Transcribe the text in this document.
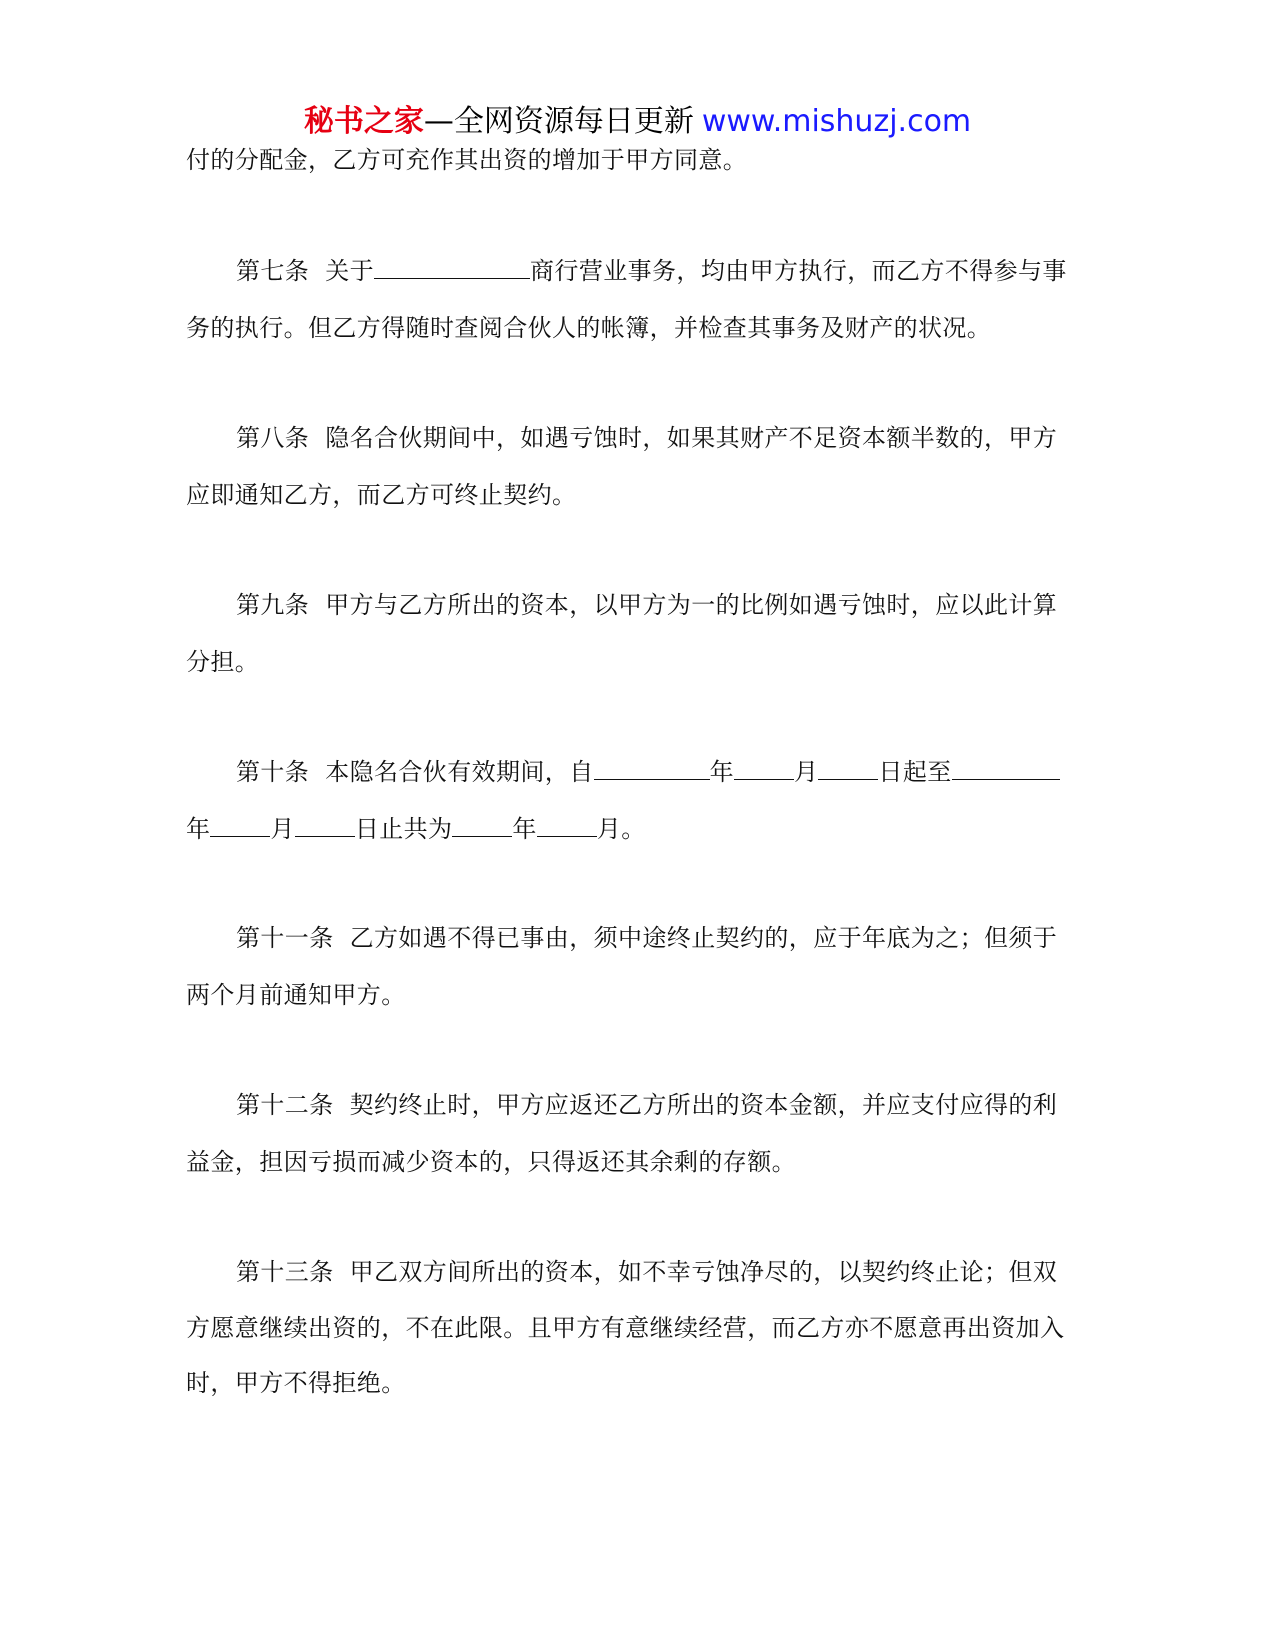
秘书之家—全网资源每日更新 www.mishuzj.com
付的分配金，乙方可充作其出资的增加于甲方同意。
第七条 关于	商行营业事务，均由甲方执行，而乙方不得参与事
务的执行。但乙方得随时查阅合伙人的帐簿，并检查其事务及财产的状况。
第八条 隐名合伙期间中，如遇亏蚀时，如果其财产不足资本额半数的，甲方
应即通知乙方，而乙方可终止契约。
第九条 甲方与乙方所出的资本，以甲方为一的比例如遇亏蚀时，应以此计算
分担。
第十条 本隐名合伙有效期间，自	年	月	日起至
年	月	日止共为	年	月。
第十一条 乙方如遇不得已事由，须中途终止契约的，应于年底为之；但须于
两个月前通知甲方。
第十二条 契约终止时，甲方应返还乙方所出的资本金额，并应支付应得的利
益金，担因亏损而减少资本的，只得返还其余剩的存额。
第十三条 甲乙双方间所出的资本，如不幸亏蚀净尽的，以契约终止论；但双
方愿意继续出资的，不在此限。且甲方有意继续经营，而乙方亦不愿意再出资加入
时，甲方不得拒绝。
